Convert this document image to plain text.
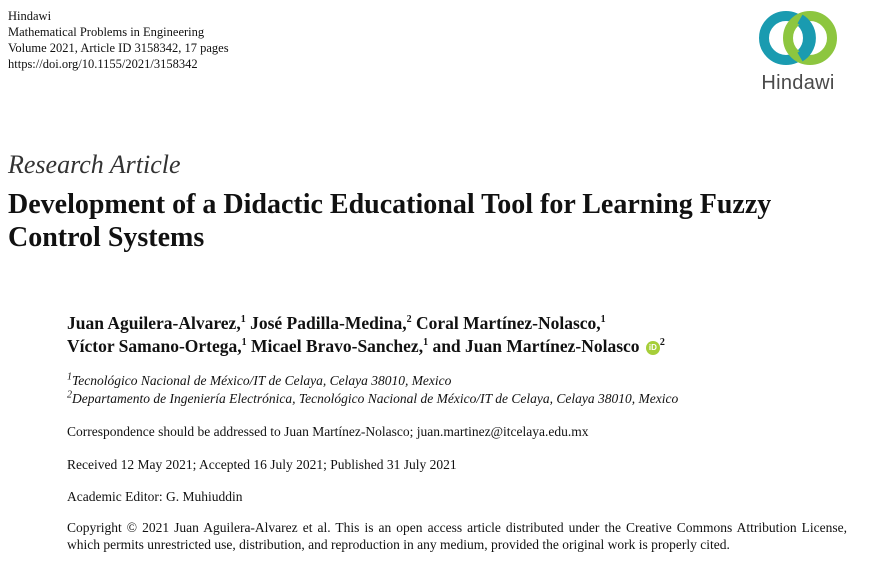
Hindawi
Mathematical Problems in Engineering
Volume 2021, Article ID 3158342, 17 pages
https://doi.org/10.1155/2021/3158342
Hindawi
Research Article
Development of a Didactic Educational Tool for Learning Fuzzy Control Systems
Juan Aguilera-Alvarez,$^1$ José Padilla-Medina,$^2$ Coral Martínez-Nolasco,$^1$
Víctor Samano-Ortega,$^1$ Micael Bravo-Sanchez,$^1$ and Juan Martínez-Nolasco iD $^2$
$^1$Tecnológico Nacional de México/IT de Celaya, Celaya 38010, Mexico
$^2$Departamento de Ingeniería Electrónica, Tecnológico Nacional de México/IT de Celaya, Celaya 38010, Mexico
Correspondence should be addressed to Juan Martínez-Nolasco; juan.martinez@itcelaya.edu.mx
Received 12 May 2021; Accepted 16 July 2021; Published 31 July 2021
Academic Editor: G. Muhiuddin
Copyright © 2021 Juan Aguilera-Alvarez et al. This is an open access article distributed under the Creative Commons Attribution License, which permits unrestricted use, distribution, and reproduction in any medium, provided the original work is properly cited.
